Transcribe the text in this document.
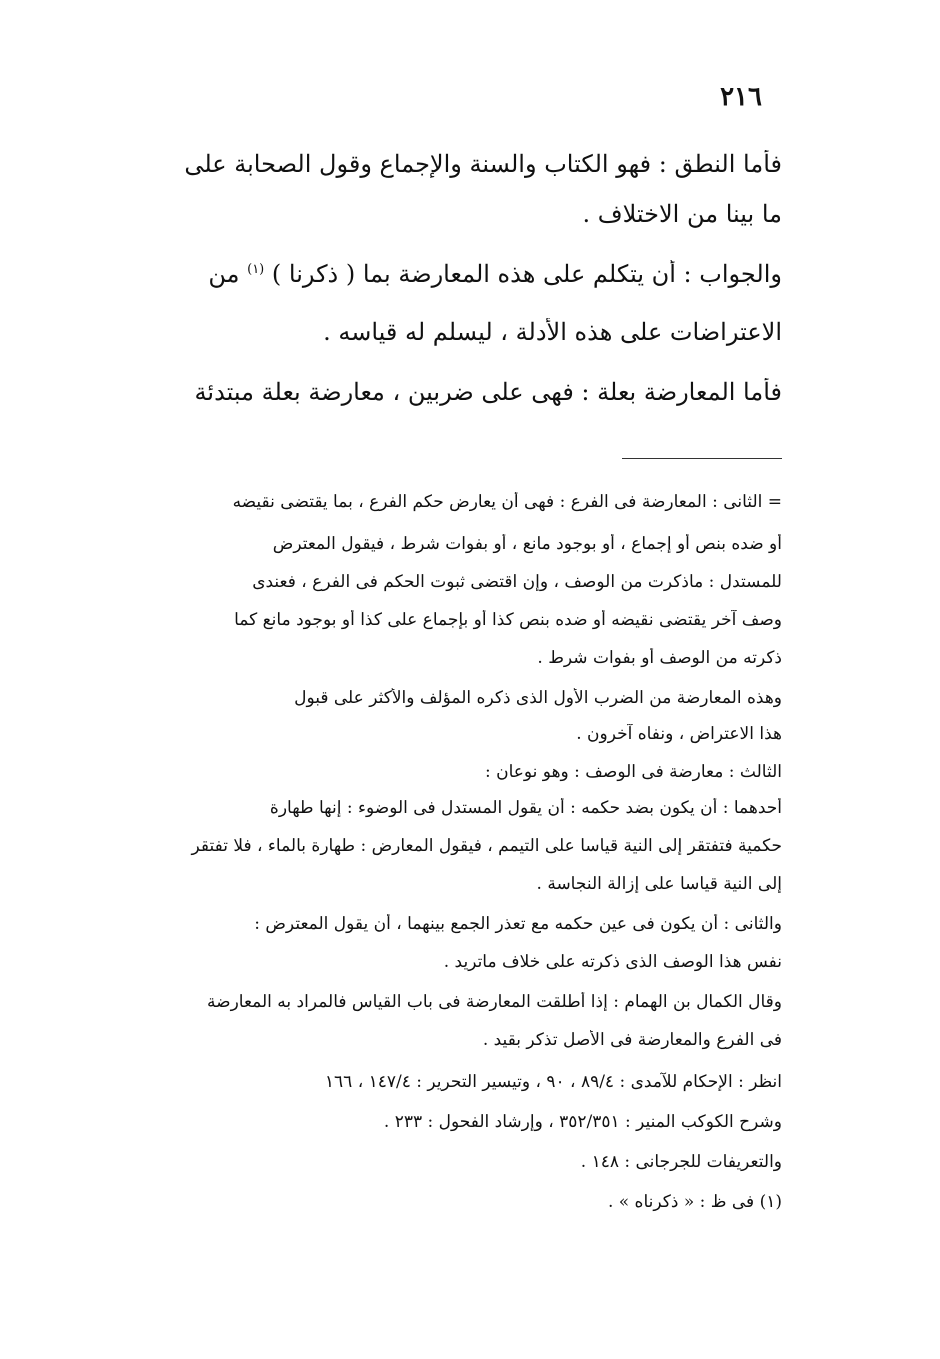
٢١٦
فأما النطق : فهو الكتاب والسنة والإجماع وقول الصحابة على
ما بينا من الاختلاف .
والجواب : أن يتكلم على هذه المعارضة بما ( ذكرنا ) $^{(١)}$ من
الاعتراضات على هذه الأدلة ، ليسلم له قياسه .
فأما المعارضة بعلة : فهى على ضربين ، معارضة بعلة مبتدئة
= الثانى : المعارضة فى الفرع : فهى أن يعارض حكم الفرع ، بما يقتضى نقيضه
أو ضده بنص أو إجماع ، أو بوجود مانع ، أو بفوات شرط ، فيقول المعترض
للمستدل : ماذكرت من الوصف ، وإن اقتضى ثبوت الحكم فى الفرع ، فعندى
وصف آخر يقتضى نقيضه أو ضده بنص كذا أو بإجماع على كذا أو بوجود مانع كما
ذكرته من الوصف أو بفوات شرط .
وهذه المعارضة من الضرب الأول الذى ذكره المؤلف والأكثر على قبول
هذا الاعتراض ، ونفاه آخرون .
الثالث : معارضة فى الوصف : وهو نوعان :
أحدهما : أن يكون بضد حكمه : أن يقول المستدل فى الوضوء : إنها طهارة
حكمية فتفتقر إلى النية قياسا على التيمم ، فيقول المعارض : طهارة بالماء ، فلا تفتقر
إلى النية قياسا على إزالة النجاسة .
والثانى : أن يكون فى عين حكمه مع تعذر الجمع بينهما ، أن يقول المعترض :
نفس هذا الوصف الذى ذكرته على خلاف ماتريد .
وقال الكمال بن الهمام : إذا أطلقت المعارضة فى باب القياس فالمراد به المعارضة
فى الفرع والمعارضة فى الأصل تذكر بقيد .
انظر : الإحكام للآمدى : ٨٩/٤ ، ٩٠ ، وتيسير التحرير : ١٤٧/٤ ، ١٦٦
وشرح الكوكب المنير : ٣٥٢/٣٥١ ، وإرشاد الفحول : ٢٣٣ .
والتعريفات للجرجانى : ١٤٨ .
(١) فى ظ : « ذكرناه » .
